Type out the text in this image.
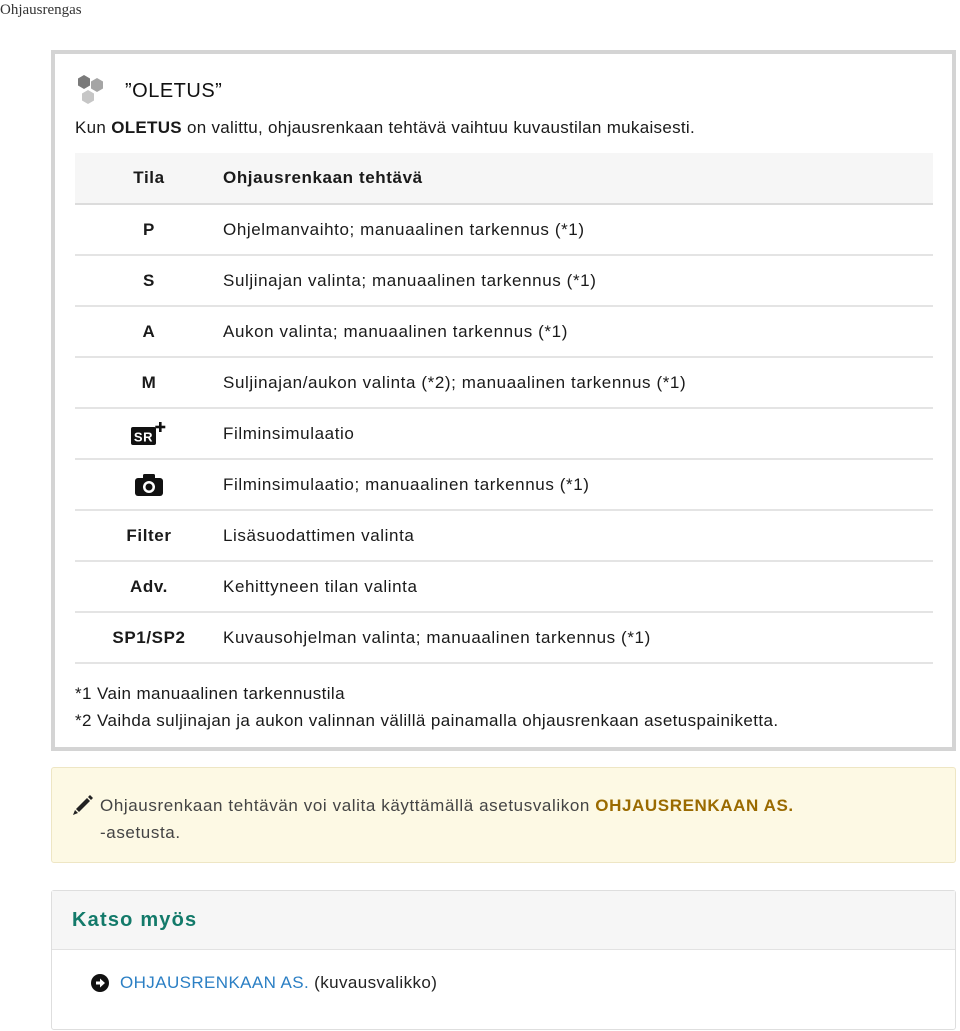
Ohjausrengas
”OLETUS”
Kun OLETUS on valittu, ohjausrenkaan tehtävä vaihtuu kuvaustilan mukaisesti.
Tila	Ohjausrenkaan tehtävä
P	Ohjelmanvaihto; manuaalinen tarkennus (*1)
S	Suljinajan valinta; manuaalinen tarkennus (*1)
A	Aukon valinta; manuaalinen tarkennus (*1)
M	Suljinajan/aukon valinta (*2); manuaalinen tarkennus (*1)

SR	Filminsimulaatio
	Filminsimulaatio; manuaalinen tarkennus (*1)
Filter	Lisäsuodattimen valinta
Adv.	Kehittyneen tilan valinta
SP1/SP2	Kuvausohjelman valinta; manuaalinen tarkennus (*1)
*1 Vain manuaalinen tarkennustila
*2 Vaihda suljinajan ja aukon valinnan välillä painamalla ohjausrenkaan asetuspainiketta.
Ohjausrenkaan tehtävän voi valita käyttämällä asetusvalikon OHJAUSRENKAAN AS.
-asetusta.
Katso myös
OHJAUSRENKAAN AS. (kuvausvalikko)
